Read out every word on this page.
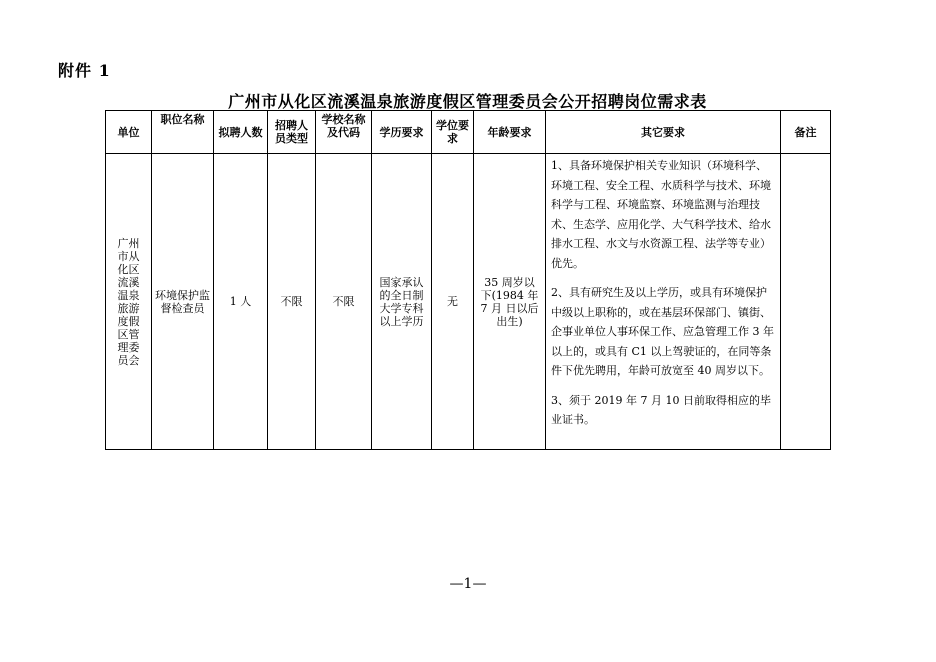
附件 1
广州市从化区流溪温泉旅游度假区管理委员会公开招聘岗位需求表
单位	职位名称	拟聘人数	招聘人员类型	学校名称及代码	学历要求	学位要求	年龄要求	其它要求	备注
广州市从化区流溪温泉旅游度假区管理委员会	环境保护监督检查员	1 人	不限	不限	国家承认的全日制大学专科以上学历	无	35 周岁以下(1984 年 7 月 日以后出生)	1、具备环境保护相关专业知识（环境科学、环境工程、安全工程、水质科学与技术、环境科学与工程、环境监察、环境监测与治理技术、生态学、应用化学、大气科学技术、给水排水工程、水文与水资源工程、法学等专业）优先。

2、具有研究生及以上学历，或具有环境保护中级以上职称的，或在基层环保部门、镇街、企事业单位人事环保工作、应急管理工作 3 年以上的，或具有 C1 以上驾驶证的，在同等条件下优先聘用，年龄可放宽至 40 周岁以下。

3、须于 2019 年 7 月 10 日前取得相应的毕业证书。	

—1—
